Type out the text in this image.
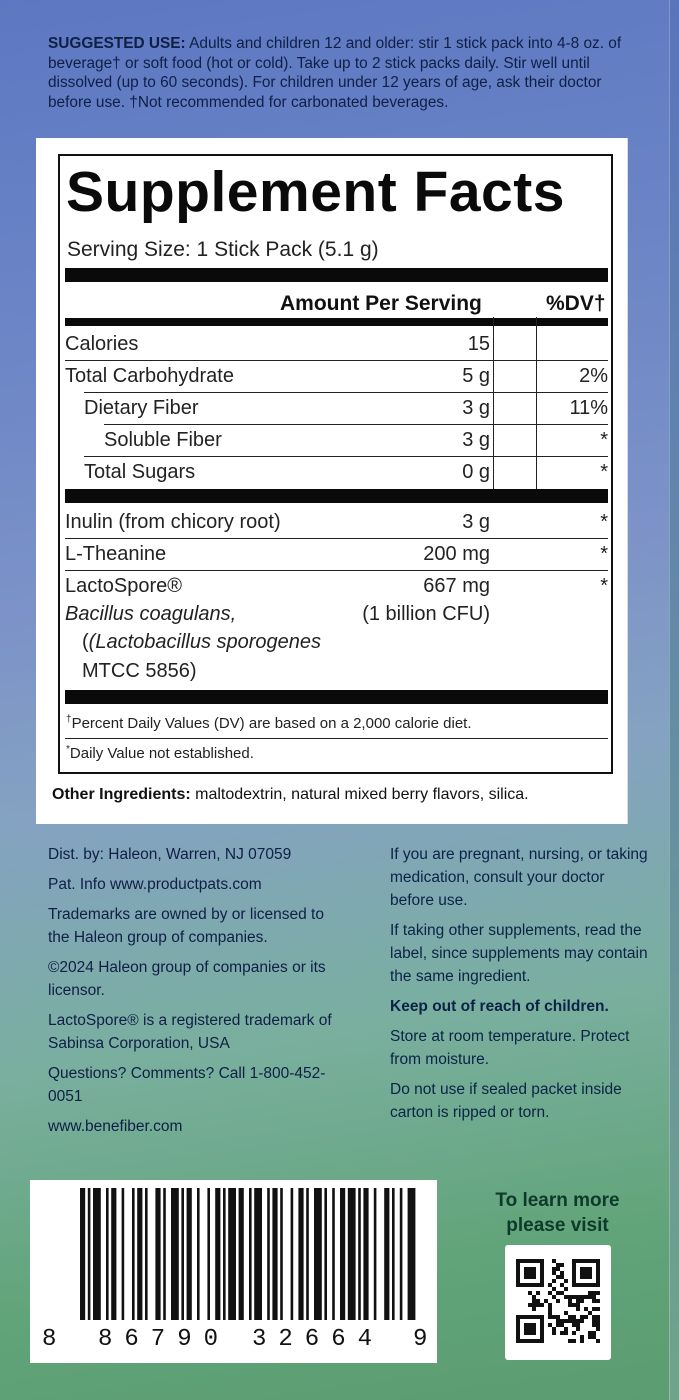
SUGGESTED USE: Adults and children 12 and older: stir 1 stick pack into 4-8 oz. of beverage† or soft food (hot or cold). Take up to 2 stick packs daily. Stir well until dissolved (up to 60 seconds). For children under 12 years of age, ask their doctor before use. †Not recommended for carbonated beverages.
Supplement Facts
Serving Size: 1 Stick Pack (5.1 g)
Amount Per Serving	%DV†
Calories	15
Total Carbohydrate	5 g	2%
Dietary Fiber	3 g	11%
Soluble Fiber	3 g	*
Total Sugars	0 g	*
Inulin (from chicory root)	3 g	*
L-Theanine	200 mg	*
LactoSpore®	667 mg	*
Bacillus coagulans,	(1 billion CFU)
((Lactobacillus sporogenes
MTCC 5856)
†Percent Daily Values (DV) are based on a 2,000 calorie diet.
*Daily Value not established.
Other Ingredients: maltodextrin, natural mixed berry flavors, silica.

Dist. by: Haleon, Warren, NJ 07059

Pat. Info www.productpats.com

Trademarks are owned by or licensed to the Haleon group of companies.

©2024 Haleon group of companies or its licensor.

LactoSpore® is a registered trademark of Sabinsa Corporation, USA

Questions? Comments? Call 1-800-452-0051

www.benefiber.com

If you are pregnant, nursing, or taking medication, consult your doctor before use.

If taking other supplements, read the label, since supplements may contain the same ingredient.

Keep out of reach of children.

Store at room temperature. Protect from moisture.

Do not use if sealed packet inside carton is ripped or torn.

8 86790 32664 9
To learn more please visit
